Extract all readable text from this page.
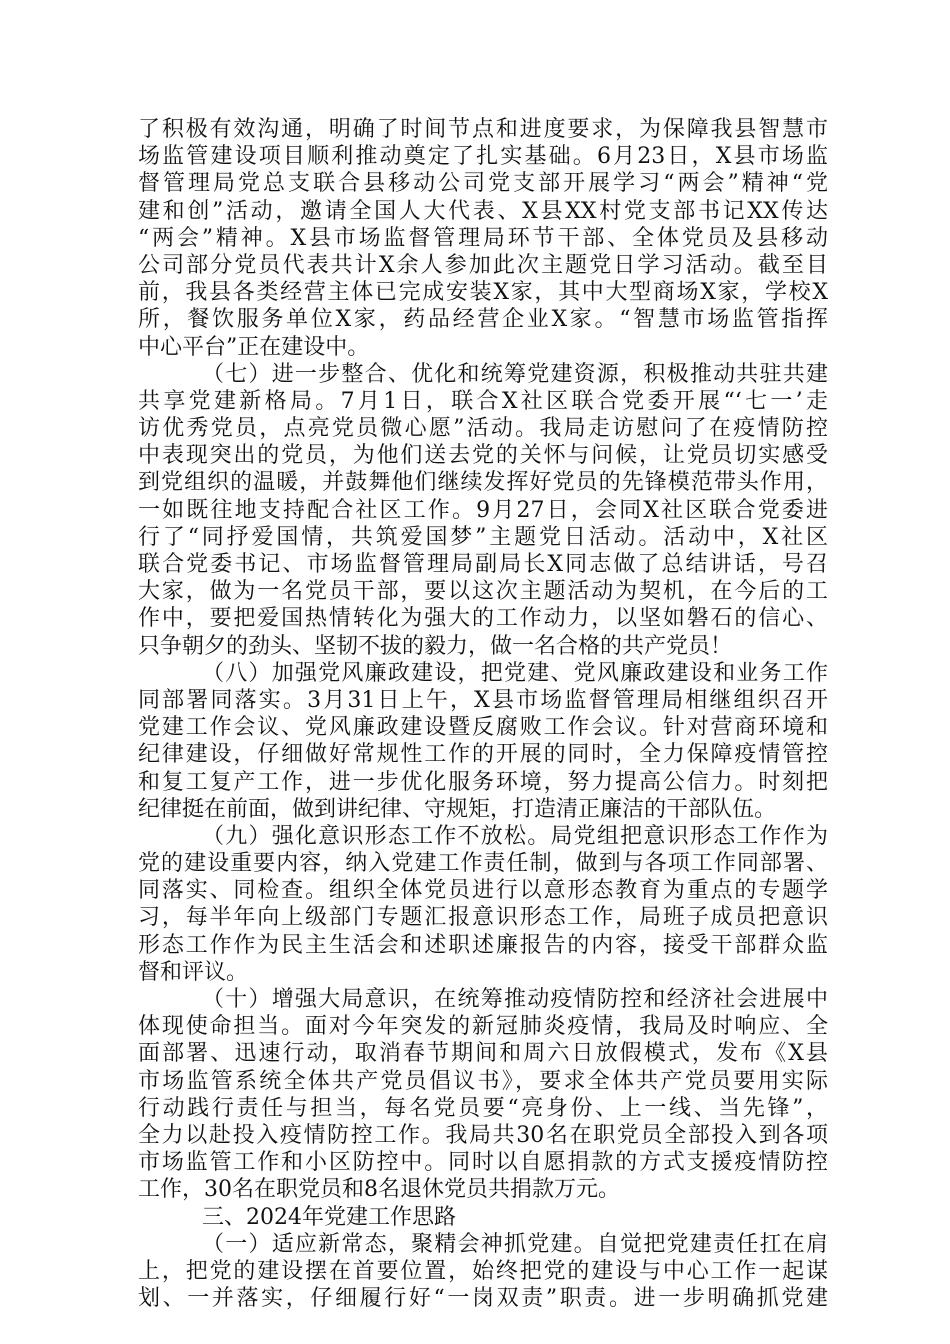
了积极有效沟通，明确了时间节点和进度要求，为保障我县智慧市
场监管建设项目顺利推动奠定了扎实基础。6月23日，X县市场监
督管理局党总支联合县移动公司党支部开展学习“两会”精神“党
建和创”活动，邀请全国人大代表、X县XX村党支部书记XX传达
“两会”精神。X县市场监督管理局环节干部、全体党员及县移动
公司部分党员代表共计X余人参加此次主题党日学习活动。截至目
前，我县各类经营主体已完成安装X家，其中大型商场X家，学校X
所，餐饮服务单位X家，药品经营企业X家。“智慧市场监管指挥
中心平台”正在建设中。
（七）进一步整合、优化和统筹党建资源，积极推动共驻共建
共享党建新格局。7月1日，联合X社区联合党委开展“‘七一’走
访优秀党员，点亮党员微心愿”活动。我局走访慰问了在疫情防控
中表现突出的党员，为他们送去党的关怀与问候，让党员切实感受
到党组织的温暖，并鼓舞他们继续发挥好党员的先锋模范带头作用，
一如既往地支持配合社区工作。9月27日，会同X社区联合党委进
行了“同抒爱国情，共筑爱国梦”主题党日活动。活动中，X社区
联合党委书记、市场监督管理局副局长X同志做了总结讲话，号召
大家，做为一名党员干部，要以这次主题活动为契机，在今后的工
作中，要把爱国热情转化为强大的工作动力，以坚如磐石的信心、
只争朝夕的劲头、坚韧不拔的毅力，做一名合格的共产党员！
（八）加强党风廉政建设，把党建、党风廉政建设和业务工作
同部署同落实。3月31日上午，X县市场监督管理局相继组织召开
党建工作会议、党风廉政建设暨反腐败工作会议。针对营商环境和
纪律建设，仔细做好常规性工作的开展的同时，全力保障疫情管控
和复工复产工作，进一步优化服务环境，努力提高公信力。时刻把
纪律挺在前面，做到讲纪律、守规矩，打造清正廉洁的干部队伍。
（九）强化意识形态工作不放松。局党组把意识形态工作作为
党的建设重要内容，纳入党建工作责任制，做到与各项工作同部署、
同落实、同检查。组织全体党员进行以意形态教育为重点的专题学
习，每半年向上级部门专题汇报意识形态工作，局班子成员把意识
形态工作作为民主生活会和述职述廉报告的内容，接受干部群众监
督和评议。
（十）增强大局意识，在统筹推动疫情防控和经济社会进展中
体现使命担当。面对今年突发的新冠肺炎疫情，我局及时响应、全
面部署、迅速行动，取消春节期间和周六日放假模式，发布《X县
市场监管系统全体共产党员倡议书》，要求全体共产党员要用实际
行动践行责任与担当，每名党员要“亮身份、上一线、当先锋”，
全力以赴投入疫情防控工作。我局共30名在职党员全部投入到各项
市场监管工作和小区防控中。同时以自愿捐款的方式支援疫情防控
工作，30名在职党员和8名退休党员共捐款万元。
三、2024年党建工作思路
（一）适应新常态，聚精会神抓党建。自觉把党建责任扛在肩
上，把党的建设摆在首要位置，始终把党的建设与中心工作一起谋
划、一并落实，仔细履行好“一岗双责”职责。进一步明确抓党建
